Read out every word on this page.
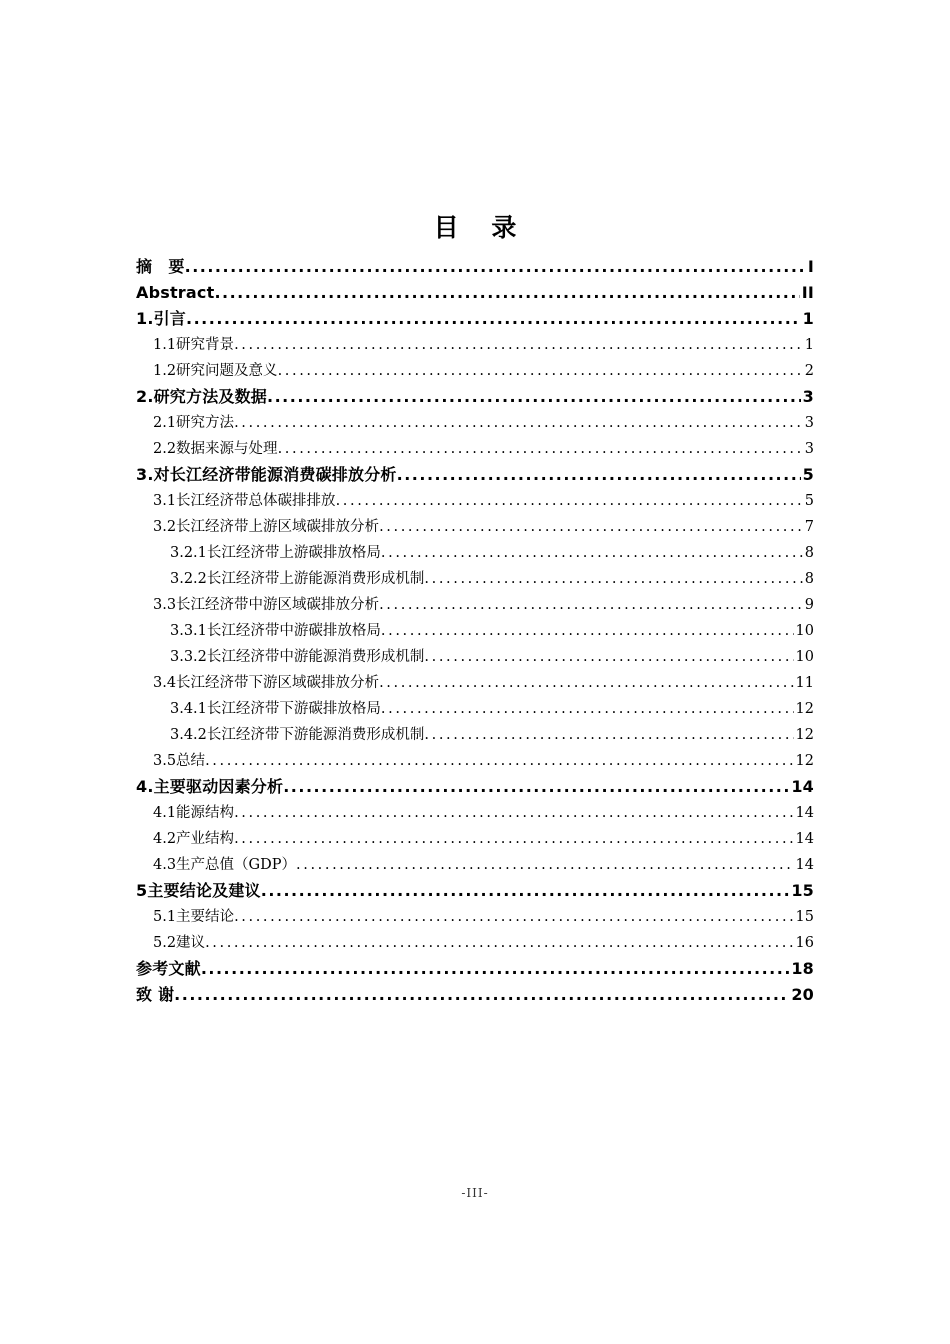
目 录
摘　要 .....	I
Abstract .....	II
1.引言 .....	1
1.1研究背景 .....	1
1.2研究问题及意义 .....	2
2.研究方法及数据 .....	3
2.1研究方法 .....	3
2.2数据来源与处理 .....	3
3.对长江经济带能源消费碳排放分析 .....	5
3.1长江经济带总体碳排排放 .....	5
3.2长江经济带上游区域碳排放分析 .....	7
3.2.1长江经济带上游碳排放格局 .....	8
3.2.2长江经济带上游能源消费形成机制 .....	8
3.3长江经济带中游区域碳排放分析 .....	9
3.3.1长江经济带中游碳排放格局 .....	10
3.3.2长江经济带中游能源消费形成机制 .....	10
3.4长江经济带下游区域碳排放分析 .....	11
3.4.1长江经济带下游碳排放格局 .....	12
3.4.2长江经济带下游能源消费形成机制 .....	12
3.5总结 .....	12
4.主要驱动因素分析 .....	14
4.1能源结构 .....	14
4.2产业结构 .....	14
4.3生产总值（GDP） .....	14
5主要结论及建议 .....	15
5.1主要结论 .....	15
5.2建议 .....	16
参考文献 .....	18
致 谢 .....	20
-III-
